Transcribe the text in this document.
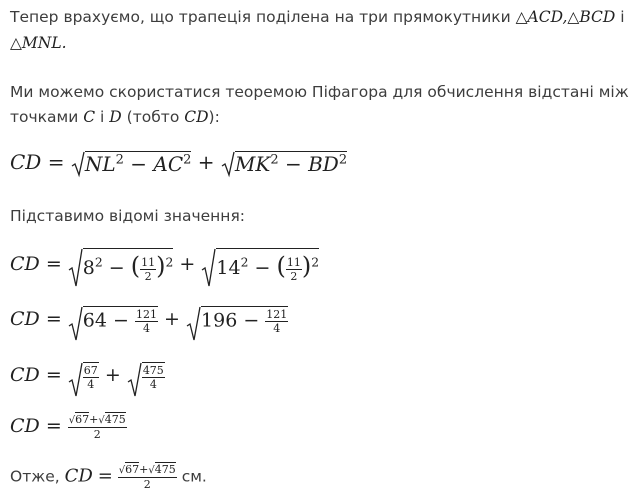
Тепер врахуємо, що трапеція поділена на три прямокутники △ACD,△BCD і
△MNL.
Ми можемо скористатися теоремою Піфагора для обчислення відстані між
точками C і D (тобто CD):
CD = $NL^2 - AC^2 + MK^2 - BD^2$
Підставимо відомі значення:
CD = $8^2$ − ( $\frac{11}{2} )^2 + 14^2$ − ( $\frac{11}{2} )^2$
CD = $64 - \frac{121}{4} + 196 - \frac{121}{4}$
CD = $\frac{67}{4} + \frac{475}{4}$
CD = $\frac{√67+√475}{2}$
Отже, CD = $\frac{√67+√475}{2}$ см.
